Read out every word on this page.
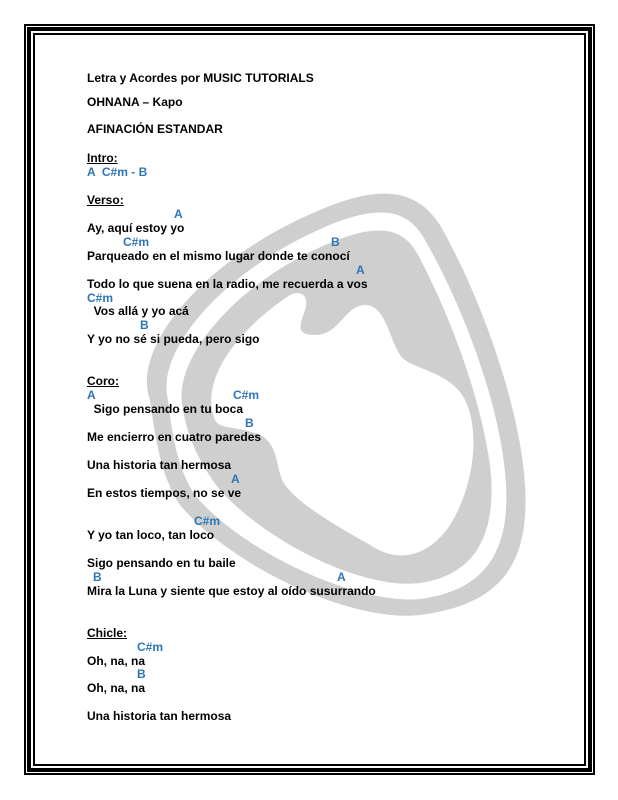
Letra y Acordes por MUSIC TUTORIALS
OHNANA – Kapo
AFINACIÓN ESTANDAR
Intro:
A  C#m - B
Verso:
A
Ay, aquí estoy yo
C#m	B
Parqueado en el mismo lugar donde te conocí
A
Todo lo que suena en la radio, me recuerda a vos
C#m
Vos allá y yo acá
B
Y yo no sé si pueda, pero sigo
Coro:
A	C#m
Sigo pensando en tu boca
B
Me encierro en cuatro paredes
Una historia tan hermosa
A
En estos tiempos, no se ve
C#m
Y yo tan loco, tan loco
Sigo pensando en tu baile
B	A
Mira la Luna y siente que estoy al oído susurrando
Chicle:
C#m
Oh, na, na
B
Oh, na, na
Una historia tan hermosa
